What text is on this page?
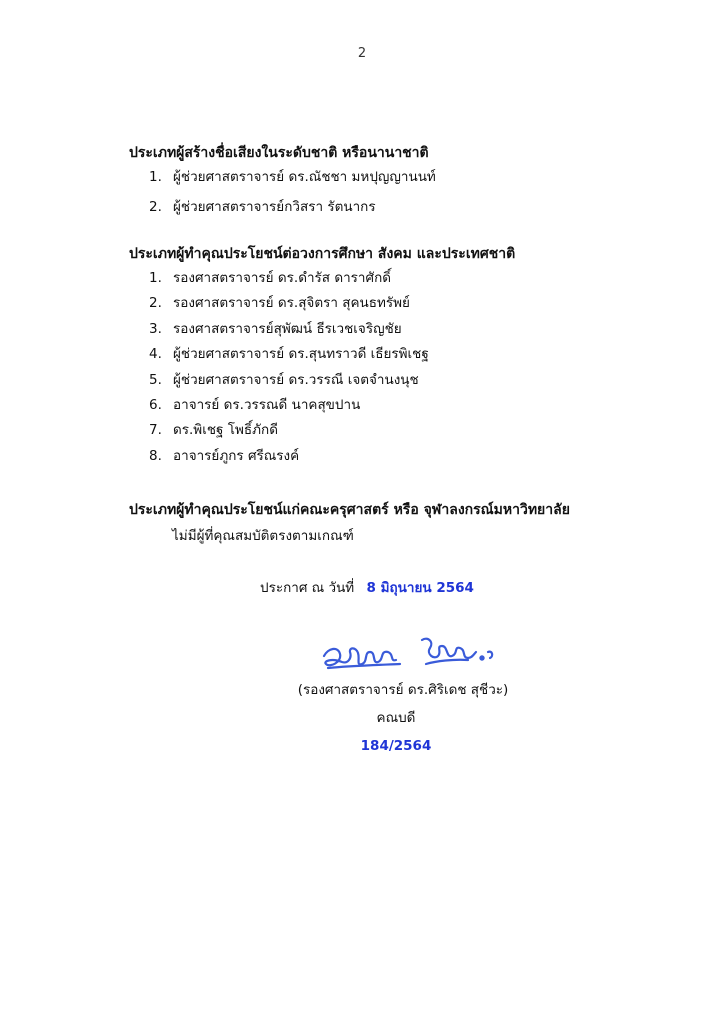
2
ประเภทผู้สร้างชื่อเสียงในระดับชาติ หรือนานาชาติ
1. ผู้ช่วยศาสตราจารย์ ดร.ณัชชา มหปุญญานนท์
2. ผู้ช่วยศาสตราจารย์กวิสรา รัตนากร
ประเภทผู้ทำคุณประโยชน์ต่อวงการศึกษา สังคม และประเทศชาติ
1. รองศาสตราจารย์ ดร.ดำรัส ดาราศักดิ์
2. รองศาสตราจารย์ ดร.สุจิตรา สุคนธทรัพย์
3. รองศาสตราจารย์สุพัฒน์ ธีรเวชเจริญชัย
4. ผู้ช่วยศาสตราจารย์ ดร.สุนทราวดี เธียรพิเชฐ
5. ผู้ช่วยศาสตราจารย์ ดร.วรรณี เจตจำนงนุช
6. อาจารย์ ดร.วรรณดี นาคสุขปาน
7. ดร.พิเชฐ โพธิ์ภักดี
8. อาจารย์ภูกร ศรีณรงค์
ประเภทผู้ทำคุณประโยชน์แก่คณะครุศาสตร์ หรือ จุฬาลงกรณ์มหาวิทยาลัย
ไม่มีผู้ที่คุณสมบัติตรงตามเกณฑ์
ประกาศ ณ วันที่ 8 มิถุนายน 2564
(รองศาสตราจารย์ ดร.ศิริเดช สุชีวะ)
คณบดี
184/2564
